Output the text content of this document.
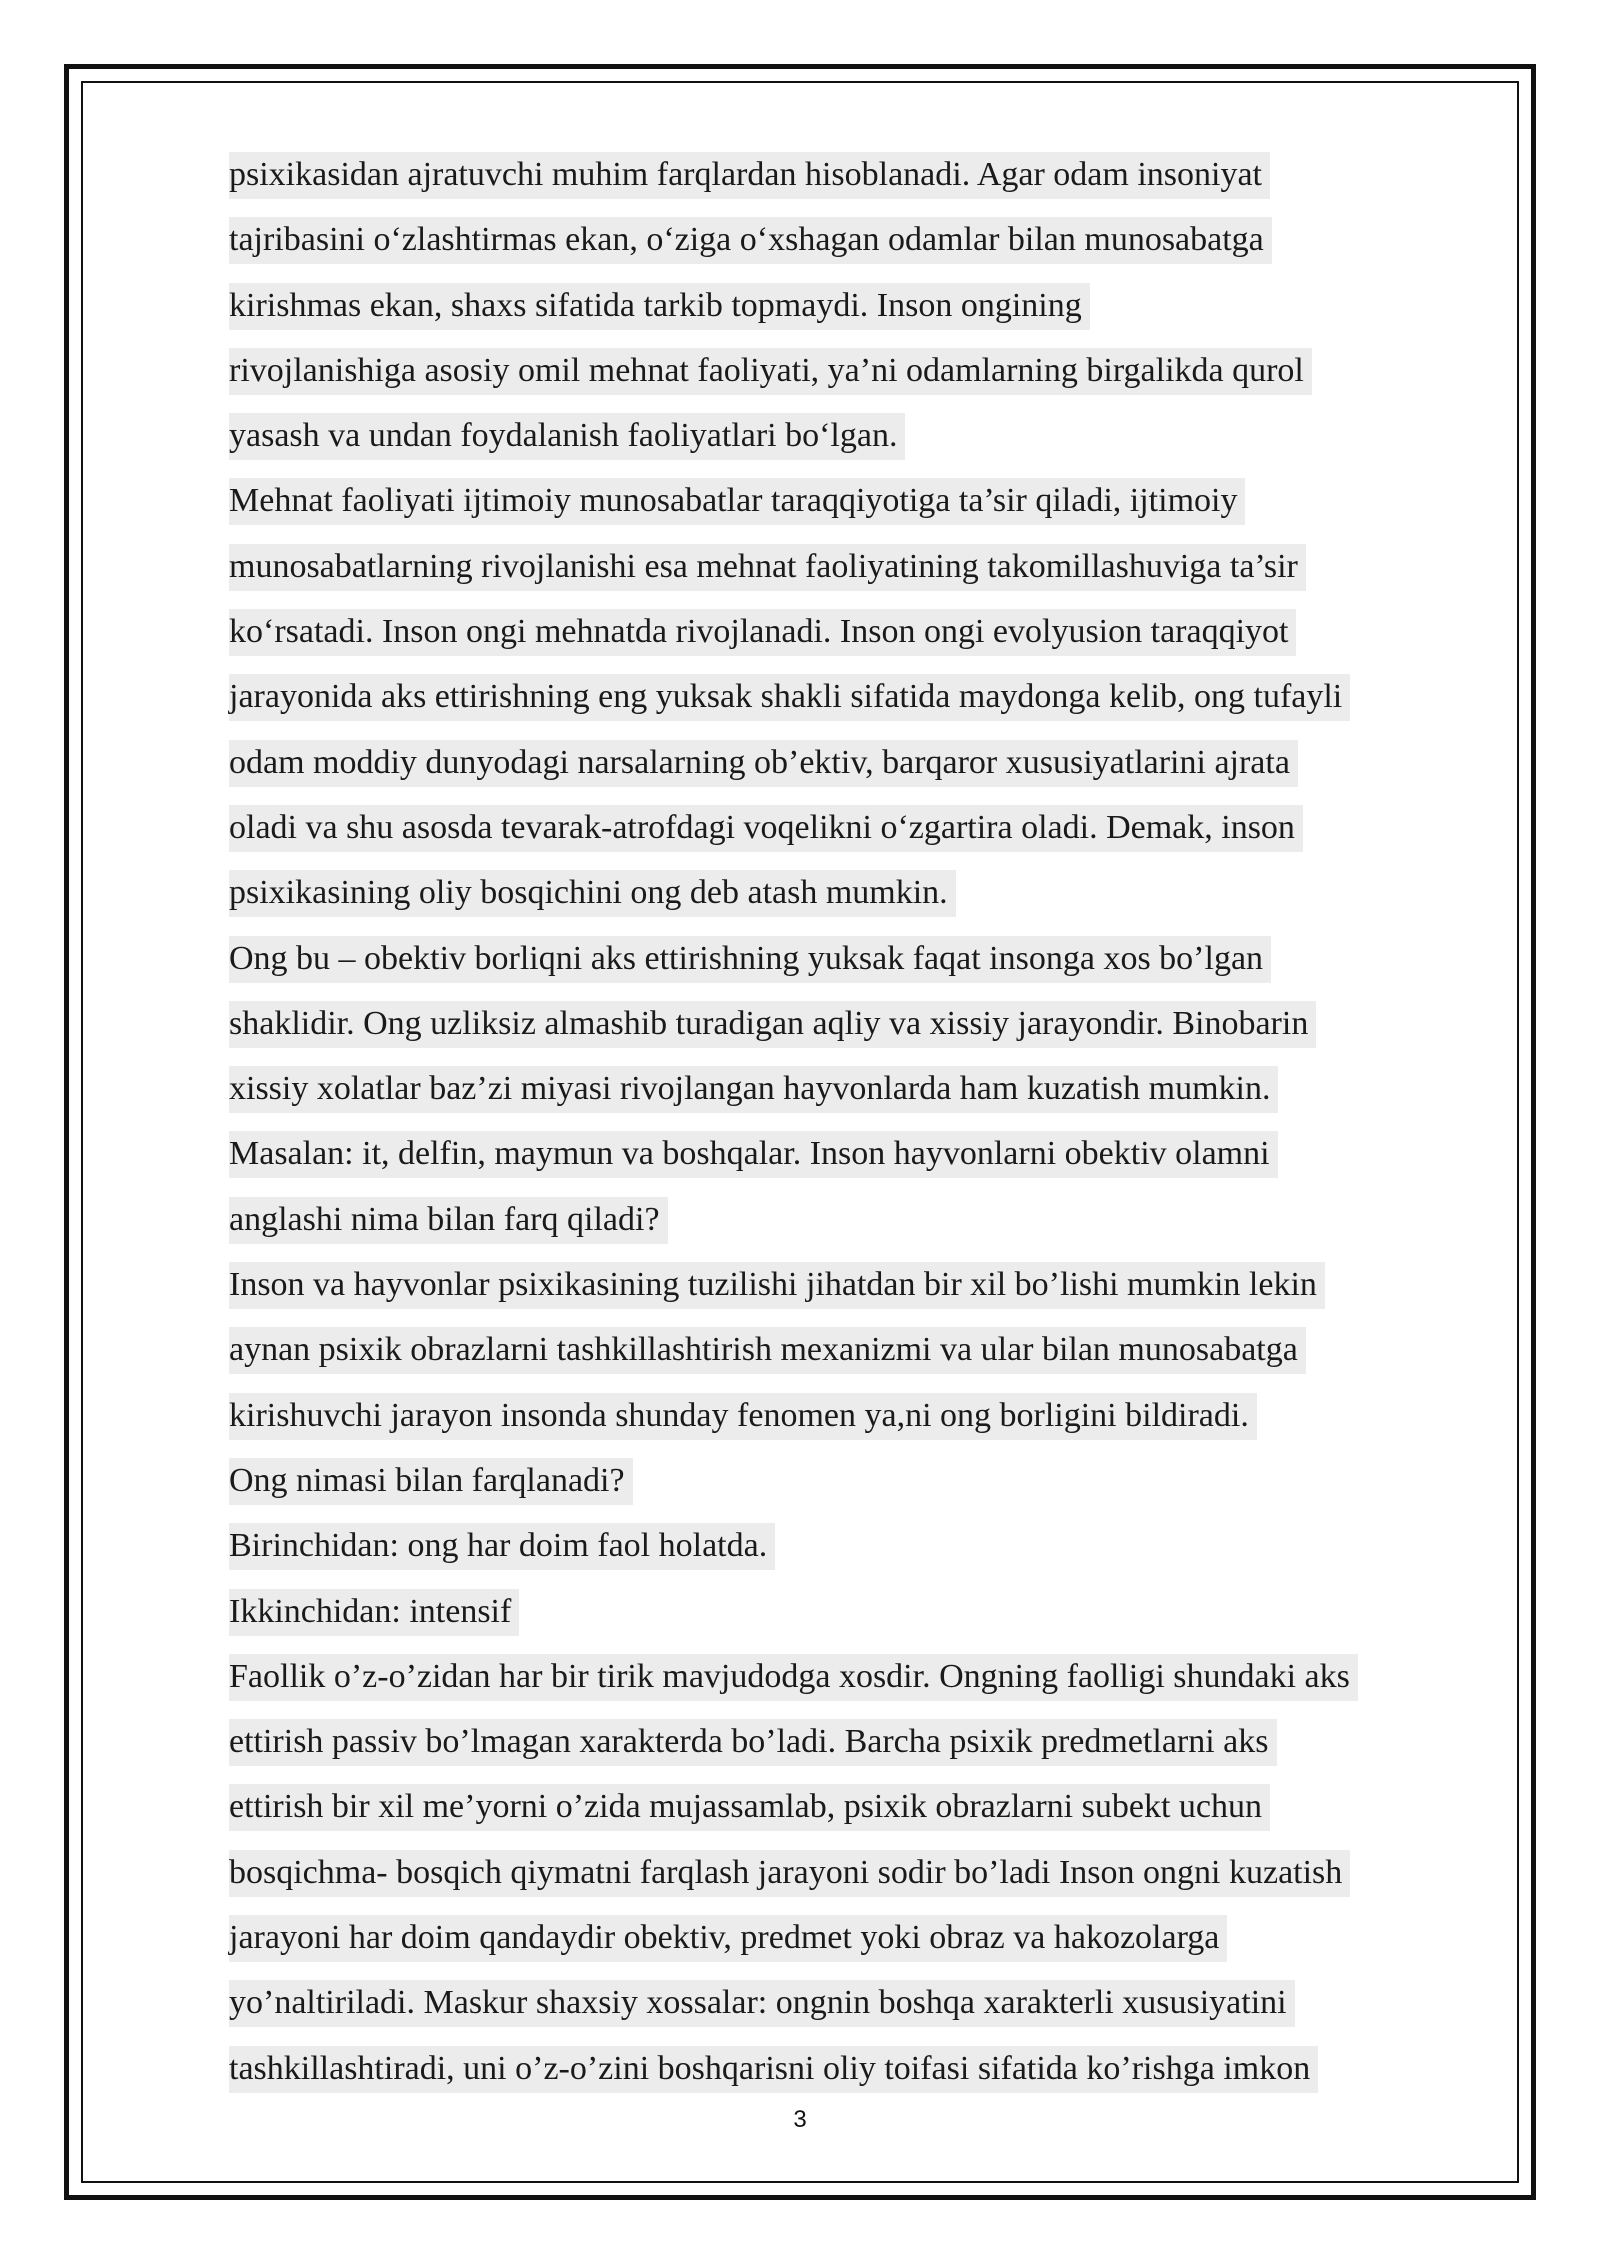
psixikasidan ajratuvchi muhim farqlardan hisoblanadi. Agar odam insoniyat
tajribasini o‘zlashtirmas ekan, o‘ziga o‘xshagan odamlar bilan munosabatga
kirishmas ekan, shaxs sifatida tarkib topmaydi. Inson ongining
rivojlanishiga asosiy omil mehnat faoliyati, ya’ni odamlarning birgalikda qurol
yasash va undan foydalanish faoliyatlari bo‘lgan.
Mehnat faoliyati ijtimoiy munosabatlar taraqqiyotiga ta’sir qiladi, ijtimoiy
munosabatlarning rivojlanishi esa mehnat faoliyatining takomillashuviga ta’sir
ko‘rsatadi. Inson ongi mehnatda rivojlanadi. Inson ongi evolyusion taraqqiyot
jarayonida aks ettirishning eng yuksak shakli sifatida maydonga kelib, ong tufayli
odam moddiy dunyodagi narsalarning ob’ektiv, barqaror xususiyatlarini ajrata
oladi va shu asosda tevarak-atrofdagi voqelikni o‘zgartira oladi. Demak, inson
psixikasining oliy bosqichini ong deb atash mumkin.
Ong bu – obektiv borliqni aks ettirishning yuksak faqat insonga xos bo’lgan
shaklidir. Ong uzliksiz almashib turadigan aqliy va xissiy jarayondir. Binobarin
xissiy xolatlar baz’zi miyasi rivojlangan hayvonlarda ham kuzatish mumkin.
Masalan: it, delfin, maymun va boshqalar. Inson hayvonlarni obektiv olamni
anglashi nima bilan farq qiladi?
Inson va hayvonlar psixikasining tuzilishi jihatdan bir xil bo’lishi mumkin lekin
aynan psixik obrazlarni tashkillashtirish mexanizmi va ular bilan munosabatga
kirishuvchi jarayon insonda shunday fenomen ya,ni ong borligini bildiradi.
Ong nimasi bilan farqlanadi?
Birinchidan: ong har doim faol holatda.
Ikkinchidan: intensif
Faollik o’z-o’zidan har bir tirik mavjudodga xosdir. Ongning faolligi shundaki aks
ettirish passiv bo’lmagan xarakterda bo’ladi. Barcha psixik predmetlarni aks
ettirish bir xil me’yorni o’zida mujassamlab, psixik obrazlarni subekt uchun
bosqichma- bosqich qiymatni farqlash jarayoni sodir bo’ladi Inson ongni kuzatish
jarayoni har doim qandaydir obektiv, predmet yoki obraz va hakozolarga
yo’naltiriladi. Maskur shaxsiy xossalar: ongnin boshqa xarakterli xususiyatini
tashkillashtiradi, uni o’z-o’zini boshqarisni oliy toifasi sifatida ko’rishga imkon
3
